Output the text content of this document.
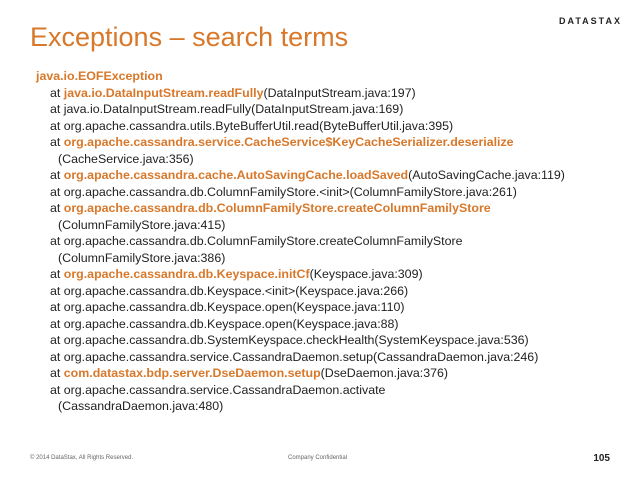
Exceptions – search terms
DATASTAX
java.io.EOFException
at java.io.DataInputStream.readFully(DataInputStream.java:197)
at java.io.DataInputStream.readFully(DataInputStream.java:169)
at org.apache.cassandra.utils.ByteBufferUtil.read(ByteBufferUtil.java:395)
at org.apache.cassandra.service.CacheService$KeyCacheSerializer.deserialize
(CacheService.java:356)
at org.apache.cassandra.cache.AutoSavingCache.loadSaved(AutoSavingCache.java:119)
at org.apache.cassandra.db.ColumnFamilyStore.<init>(ColumnFamilyStore.java:261)
at org.apache.cassandra.db.ColumnFamilyStore.createColumnFamilyStore
(ColumnFamilyStore.java:415)
at org.apache.cassandra.db.ColumnFamilyStore.createColumnFamilyStore
(ColumnFamilyStore.java:386)
at org.apache.cassandra.db.Keyspace.initCf(Keyspace.java:309)
at org.apache.cassandra.db.Keyspace.<init>(Keyspace.java:266)
at org.apache.cassandra.db.Keyspace.open(Keyspace.java:110)
at org.apache.cassandra.db.Keyspace.open(Keyspace.java:88)
at org.apache.cassandra.db.SystemKeyspace.checkHealth(SystemKeyspace.java:536)
at org.apache.cassandra.service.CassandraDaemon.setup(CassandraDaemon.java:246)
at com.datastax.bdp.server.DseDaemon.setup(DseDaemon.java:376)
at org.apache.cassandra.service.CassandraDaemon.activate
(CassandraDaemon.java:480)
© 2014 DataStax, All Rights Reserved.	Company Confidential	105
